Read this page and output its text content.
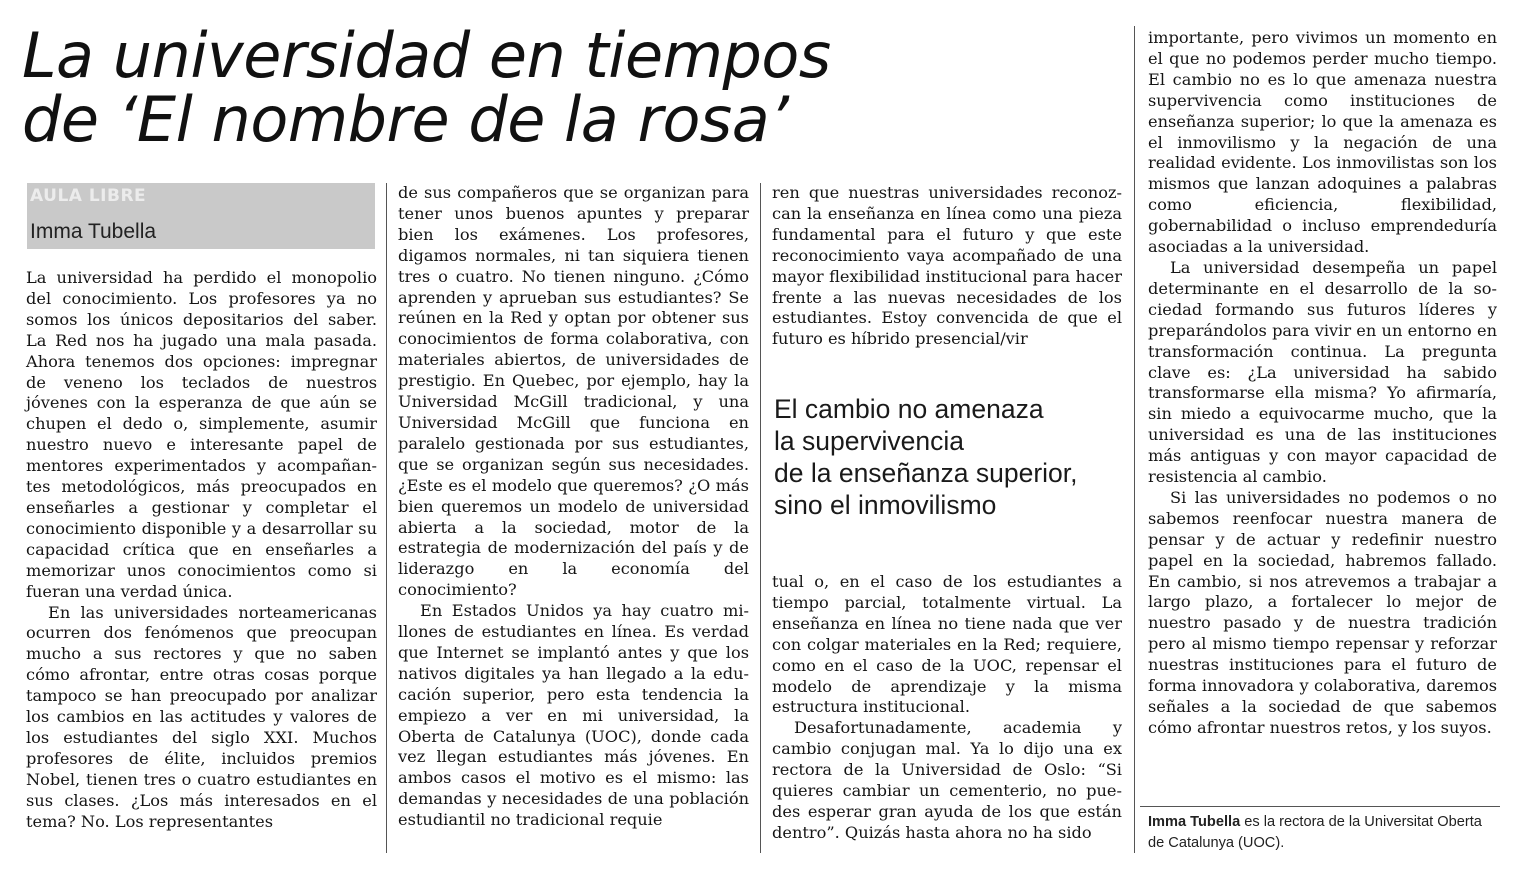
La universidad en tiempos
de ‘El nombre de la rosa’
AULA LIBRE
Imma Tubella

La universidad ha perdido el monopolio del conocimiento. Los profesores ya no somos los únicos depositarios del saber. La Red nos ha jugado una mala pasada. Ahora tenemos dos opciones: impregnar de veneno los teclados de nuestros jóvenes con la esperanza de que aún se chupen el dedo o, simplemente, asumir nuestro nuevo e interesante papel de mentores experimentados y acompañantes metodológicos, más preocupados en enseñarles a gestionar y completar el conocimiento disponible y a desarrollar su capacidad crítica que en enseñarles a memorizar unos conocimientos como si fueran una verdad única.

En las universidades norteamericanas ocurren dos fenómenos que preocupan mucho a sus rectores y que no saben cómo afrontar, entre otras cosas porque tampoco se han preocupado por analizar los cambios en las actitudes y valores de los estudiantes del siglo XXI. Muchos profesores de élite, incluidos premios Nobel, tienen tres o cuatro estudiantes en sus clases. ¿Los más interesados en el tema? No. Los representantes

de sus compañeros que se organizan para tener unos buenos apuntes y preparar bien los exámenes. Los profesores, digamos normales, ni tan siquiera tienen tres o cuatro. No tienen ninguno. ¿Cómo aprenden y aprueban sus estudiantes? Se reúnen en la Red y optan por obtener sus conocimientos de forma colaborativa, con materiales abiertos, de universidades de prestigio. En Quebec, por ejemplo, hay la Universidad McGill tradicional, y una Universidad McGill que funciona en paralelo gestionada por sus estudiantes, que se organizan según sus necesidades. ¿Este es el modelo que queremos? ¿O más bien queremos un modelo de universidad abierta a la sociedad, motor de la estrategia de modernización del país y de liderazgo en la economía del conocimiento?

En Estados Unidos ya hay cuatro millones de estudiantes en línea. Es verdad que Internet se implantó antes y que los nativos digitales ya han llegado a la educación superior, pero esta tendencia la empiezo a ver en mi universidad, la Oberta de Catalunya (UOC), donde cada vez llegan estudiantes más jóvenes. En ambos casos el motivo es el mismo: las demandas y necesidades de una población estudiantil no tradicional requie

ren que nuestras universidades reconozcan la enseñanza en línea como una pieza fundamental para el futuro y que este reconocimiento vaya acompañado de una mayor flexibilidad institucional para hacer frente a las nuevas necesidades de los estudiantes. Estoy convencida de que el futuro es híbrido presencial/vir

El cambio no amenaza
la supervivencia
de la enseñanza superior,
sino el inmovilismo

tual o, en el caso de los estudiantes a tiempo parcial, totalmente virtual. La enseñanza en línea no tiene nada que ver con colgar materiales en la Red; requiere, como en el caso de la UOC, repensar el modelo de aprendizaje y la misma estructura institucional.

Desafortunadamente, academia y cambio conjugan mal. Ya lo dijo una ex rectora de la Universidad de Oslo: “Si quieres cambiar un cementerio, no puedes esperar gran ayuda de los que están dentro”. Quizás hasta ahora no ha sido

importante, pero vivimos un momento en el que no podemos perder mucho tiempo. El cambio no es lo que amenaza nuestra supervivencia como instituciones de enseñanza superior; lo que la amenaza es el inmovilismo y la negación de una realidad evidente. Los inmovilistas son los mismos que lanzan adoquines a palabras como eficiencia, flexibilidad, gobernabilidad o incluso emprendeduría asociadas a la universidad.

La universidad desempeña un papel determinante en el desarrollo de la sociedad formando sus futuros líderes y preparándolos para vivir en un entorno en transformación continua. La pregunta clave es: ¿La universidad ha sabido transformarse ella misma? Yo afirmaría, sin miedo a equivocarme mucho, que la universidad es una de las instituciones más antiguas y con mayor capacidad de resistencia al cambio.

Si las universidades no podemos o no sabemos reenfocar nuestra manera de pensar y de actuar y redefinir nuestro papel en la sociedad, habremos fallado. En cambio, si nos atrevemos a trabajar a largo plazo, a fortalecer lo mejor de nuestro pasado y de nuestra tradición pero al mismo tiempo repensar y reforzar nuestras instituciones para el futuro de forma innovadora y colaborativa, daremos señales a la sociedad de que sabemos cómo afrontar nuestros retos, y los suyos.

Imma Tubella es la rectora de la Universitat Oberta de Catalunya (UOC).
